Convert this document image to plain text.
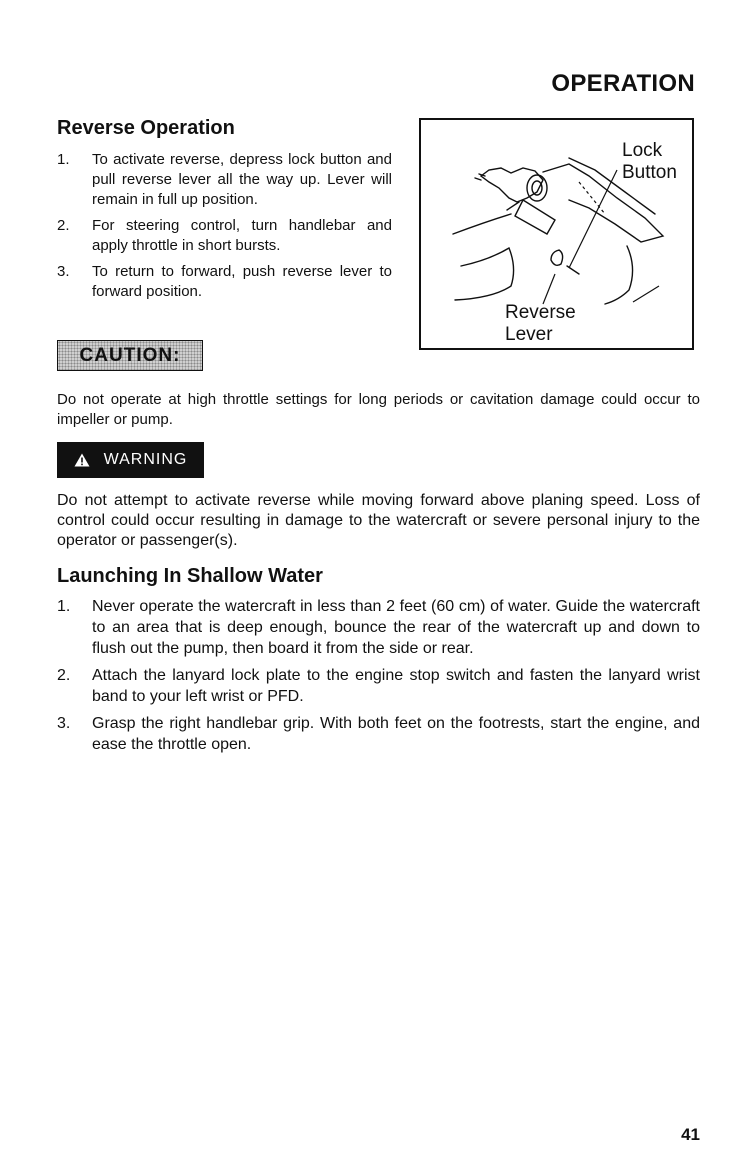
OPERATION
Reverse Operation
1. To activate reverse, depress lock button and pull reverse lever all the way up. Lever will remain in full up position.
2. For steering control, turn handlebar and apply throttle in short bursts.
3. To return to forward, push reverse lever to forward position.
Lock
Button
Reverse
Lever
CAUTION:
Do not operate at high throttle settings for long periods or cavitation damage could occur to impeller or pump.
WARNING
Do not attempt to activate reverse while moving forward above planing speed. Loss of control could occur resulting in damage to the watercraft or severe personal injury to the operator or passenger(s).
Launching In Shallow Water
1. Never operate the watercraft in less than 2 feet (60 cm) of water. Guide the watercraft to an area that is deep enough, bounce the rear of the watercraft up and down to flush out the pump, then board it from the side or rear.
2. Attach the lanyard lock plate to the engine stop switch and fasten the lanyard wrist band to your left wrist or PFD.
3. Grasp the right handlebar grip. With both feet on the footrests, start the engine, and ease the throttle open.
41
